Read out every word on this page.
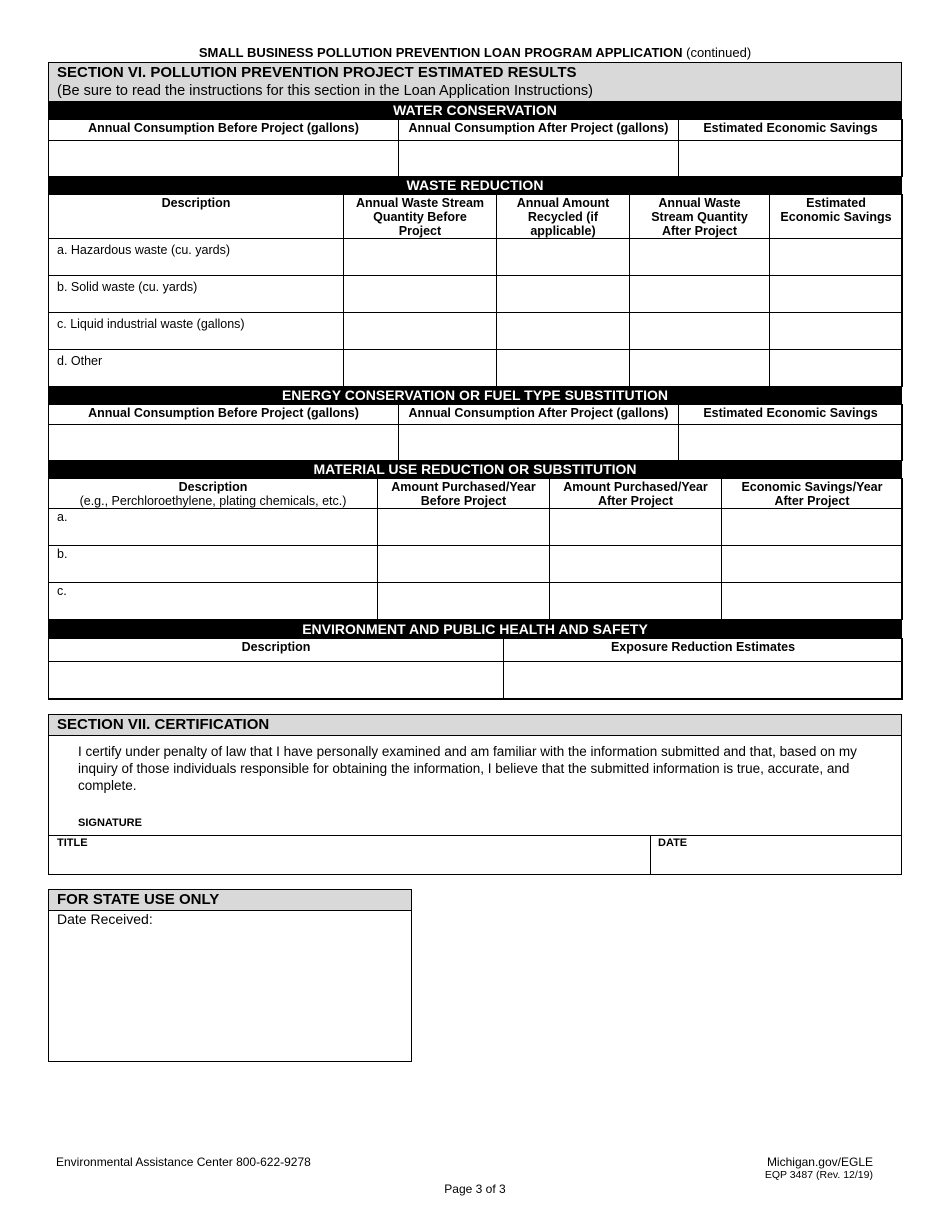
SMALL BUSINESS POLLUTION PREVENTION LOAN PROGRAM APPLICATION (continued)
SECTION VI. POLLUTION PREVENTION PROJECT ESTIMATED RESULTS
(Be sure to read the instructions for this section in the Loan Application Instructions)
WATER CONSERVATION
Annual Consumption Before Project (gallons)	Annual Consumption After Project (gallons)	Estimated Economic Savings

WASTE REDUCTION
Description	Annual Waste Stream Quantity Before Project	Annual Amount Recycled (if applicable)	Annual Waste Stream Quantity After Project	Estimated Economic Savings
a. Hazardous waste (cu. yards)				
b. Solid waste (cu. yards)				
c. Liquid industrial waste (gallons)				
d. Other				
ENERGY CONSERVATION OR FUEL TYPE SUBSTITUTION
Annual Consumption Before Project (gallons)	Annual Consumption After Project (gallons)	Estimated Economic Savings

MATERIAL USE REDUCTION OR SUBSTITUTION
Description
(e.g., Perchloroethylene, plating chemicals, etc.)	Amount Purchased/Year Before Project	Amount Purchased/Year After Project	Economic Savings/Year After Project
a.			
b.			
c.			
ENVIRONMENT AND PUBLIC HEALTH AND SAFETY
Description	Exposure Reduction Estimates

SECTION VII. CERTIFICATION
I certify under penalty of law that I have personally examined and am familiar with the information submitted and that, based on my inquiry of those individuals responsible for obtaining the information, I believe that the submitted information is true, accurate, and complete.
SIGNATURE
TITLE	DATE
FOR STATE USE ONLY
Date Received:
Environmental Assistance Center 800-622-9278
Page 3 of 3
Michigan.gov/EGLE
EQP 3487 (Rev. 12/19)
